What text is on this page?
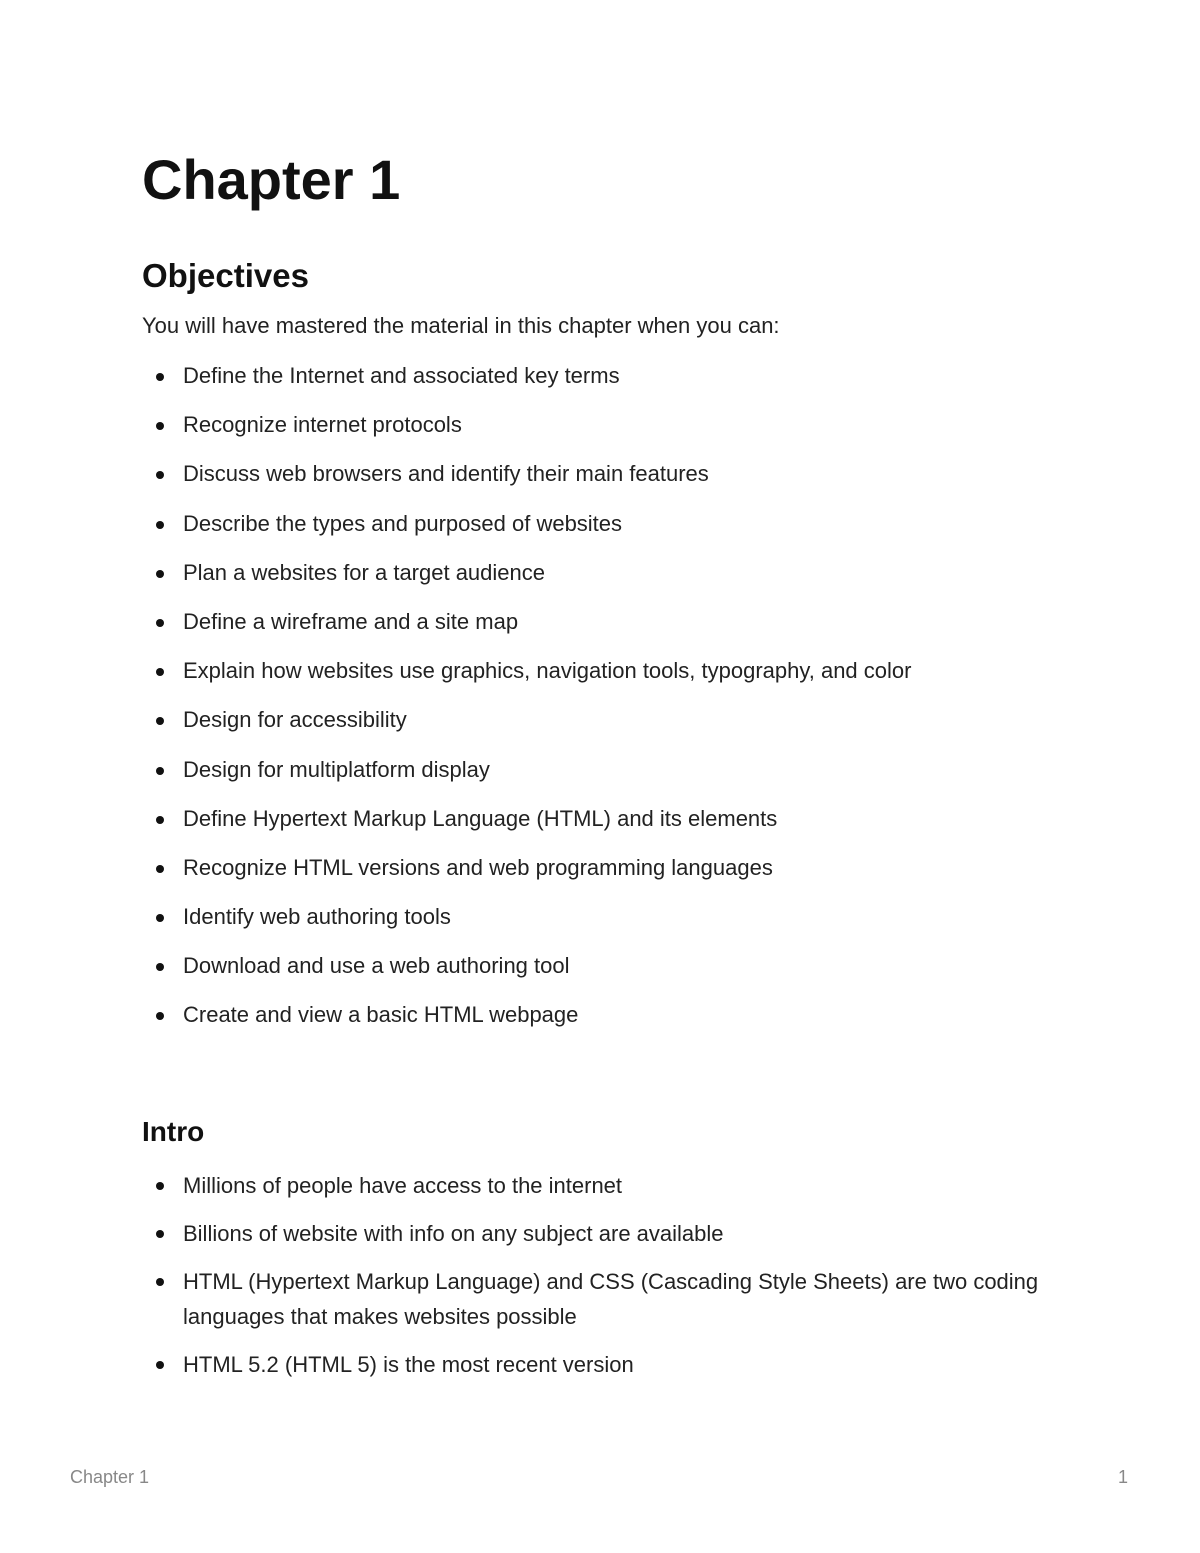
Chapter 1
Objectives

You will have mastered the material in this chapter when you can:

Define the Internet and associated key terms
Recognize internet protocols
Discuss web browsers and identify their main features
Describe the types and purposed of websites
Plan a websites for a target audience
Define a wireframe and a site map
Explain how websites use graphics, navigation tools, typography, and color
Design for accessibility
Design for multiplatform display
Define Hypertext Markup Language (HTML) and its elements
Recognize HTML versions and web programming languages
Identify web authoring tools
Download and use a web authoring tool
Create and view a basic HTML webpage
Intro
Millions of people have access to the internet
Billions of website with info on any subject are available
HTML (Hypertext Markup Language) and CSS (Cascading Style Sheets) are two coding languages that makes websites possible
HTML 5.2 (HTML 5) is the most recent version
Chapter 1	1
